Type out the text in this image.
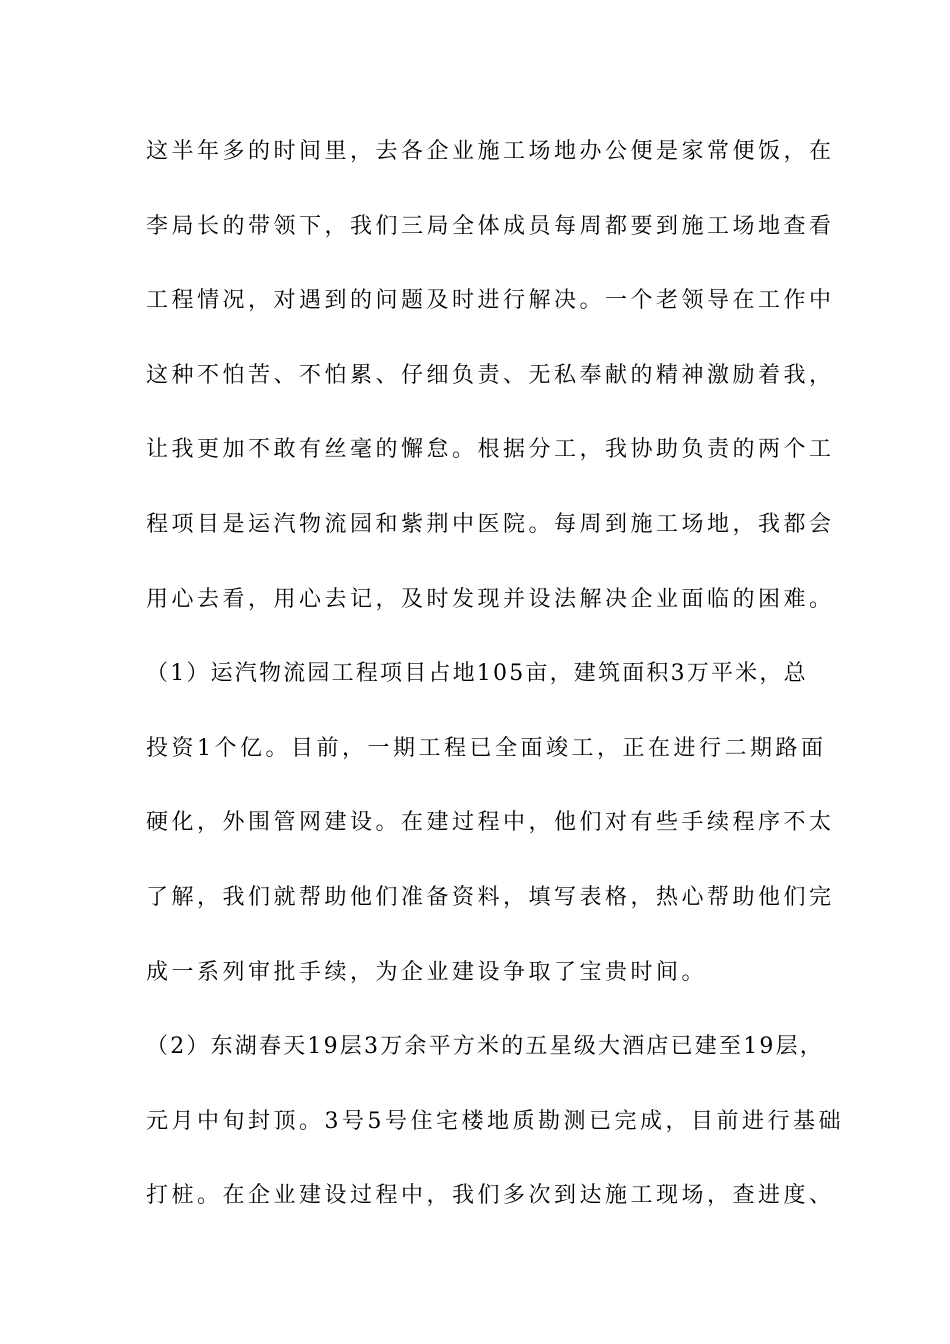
这半年多的时间里，去各企业施工场地办公便是家常便饭，在
李局长的带领下，我们三局全体成员每周都要到施工场地查看
工程情况，对遇到的问题及时进行解决。一个老领导在工作中
这种不怕苦、不怕累、仔细负责、无私奉献的精神激励着我，
让我更加不敢有丝毫的懈怠。根据分工，我协助负责的两个工
程项目是运汽物流园和紫荆中医院。每周到施工场地，我都会
用心去看，用心去记，及时发现并设法解决企业面临的困难。
（1）运汽物流园工程项目占地105亩，建筑面积3万平米，总
投资1个亿。目前，一期工程已全面竣工，正在进行二期路面
硬化，外围管网建设。在建过程中，他们对有些手续程序不太
了解，我们就帮助他们准备资料，填写表格，热心帮助他们完
成一系列审批手续，为企业建设争取了宝贵时间。
（2）东湖春天19层3万余平方米的五星级大酒店已建至19层，
元月中旬封顶。3号5号住宅楼地质勘测已完成，目前进行基础
打桩。在企业建设过程中，我们多次到达施工现场，查进度、
